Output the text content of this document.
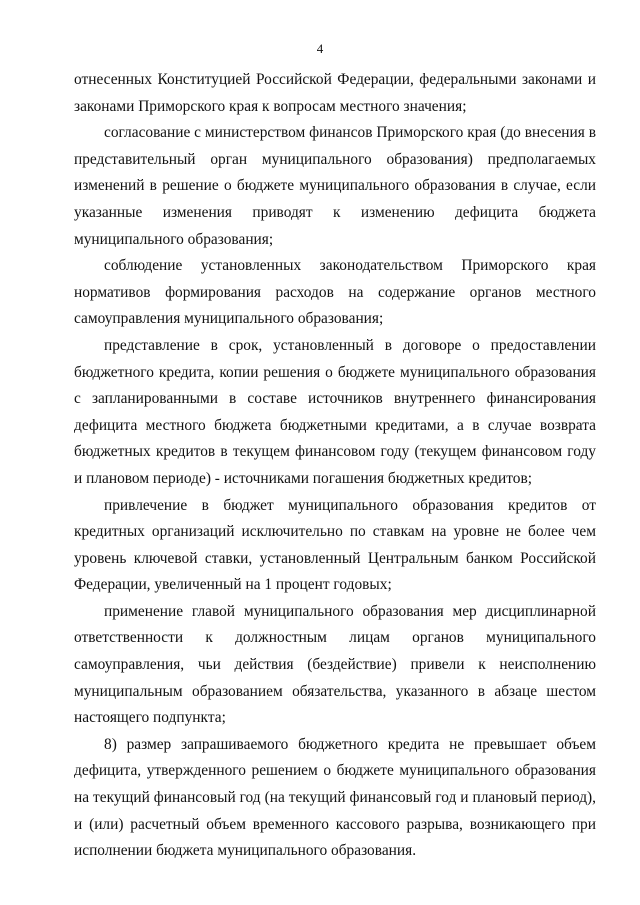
4

отнесенных Конституцией Российской Федерации, федеральными законами и законами Приморского края к вопросам местного значения;

согласование с министерством финансов Приморского края (до внесения в представительный орган муниципального образования) предполагаемых изменений в решение о бюджете муниципального образования в случае, если указанные изменения приводят к изменению дефицита бюджета муниципального образования;

соблюдение установленных законодательством Приморского края нормативов формирования расходов на содержание органов местного самоуправления муниципального образования;

представление в срок, установленный в договоре о предоставлении бюджетного кредита, копии решения о бюджете муниципального образования с запланированными в составе источников внутреннего финансирования дефицита местного бюджета бюджетными кредитами, а в случае возврата бюджетных кредитов в текущем финансовом году (текущем финансовом году и плановом периоде) - источниками погашения бюджетных кредитов;

привлечение в бюджет муниципального образования кредитов от кредитных организаций исключительно по ставкам на уровне не более чем уровень ключевой ставки, установленный Центральным банком Российской Федерации, увеличенный на 1 процент годовых;

применение главой муниципального образования мер дисциплинарной ответственности к должностным лицам органов муниципального самоуправления, чьи действия (бездействие) привели к неисполнению муниципальным образованием обязательства, указанного в абзаце шестом настоящего подпункта;

8) размер запрашиваемого бюджетного кредита не превышает объем дефицита, утвержденного решением о бюджете муниципального образования на текущий финансовый год (на текущий финансовый год и плановый период), и (или) расчетный объем временного кассового разрыва, возникающего при исполнении бюджета муниципального образования.
